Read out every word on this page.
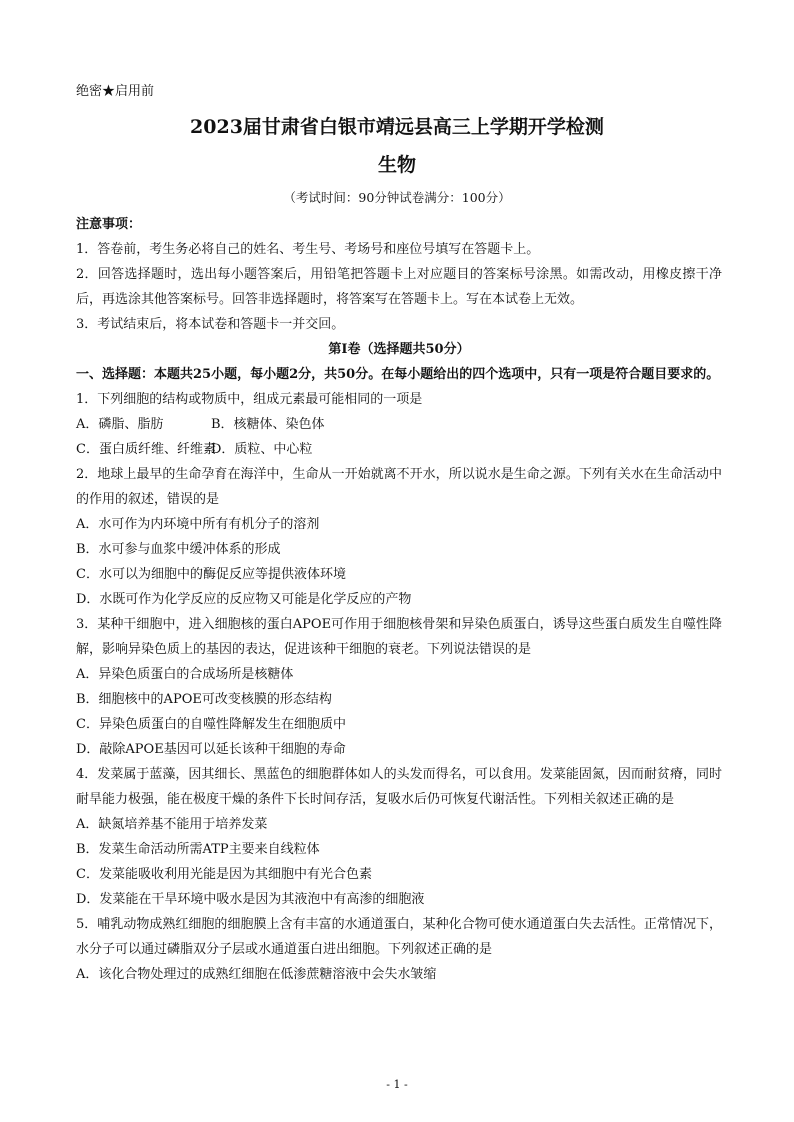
绝密★启用前
2023届甘肃省白银市靖远县高三上学期开学检测
生物
（考试时间：90分钟试卷满分：100分）
注意事项：
1．答卷前，考生务必将自己的姓名、考生号、考场号和座位号填写在答题卡上。
2．回答选择题时，选出每小题答案后，用铅笔把答题卡上对应题目的答案标号涂黑。如需改动，用橡皮擦干净后，再选涂其他答案标号。回答非选择题时，将答案写在答题卡上。写在本试卷上无效。
3．考试结束后，将本试卷和答题卡一并交回。
第Ⅰ卷（选择题共50分）
一、选择题：本题共25小题，每小题2分，共50分。在每小题给出的四个选项中，只有一项是符合题目要求的。
1．下列细胞的结构或物质中，组成元素最可能相同的一项是
A．磷脂、脂肪	B．核糖体、染色体
C．蛋白质纤维、纤维素D．质粒、中心粒
2．地球上最早的生命孕育在海洋中，生命从一开始就离不开水，所以说水是生命之源。下列有关水在生命活动中的作用的叙述，错误的是
A．水可作为内环境中所有有机分子的溶剂
B．水可参与血浆中缓冲体系的形成
C．水可以为细胞中的酶促反应等提供液体环境
D．水既可作为化学反应的反应物又可能是化学反应的产物
3．某种干细胞中，进入细胞核的蛋白APOE可作用于细胞核骨架和异染色质蛋白，诱导这些蛋白质发生自噬性降解，影响异染色质上的基因的表达，促进该种干细胞的衰老。下列说法错误的是
A．异染色质蛋白的合成场所是核糖体
B．细胞核中的APOE可改变核膜的形态结构
C．异染色质蛋白的自噬性降解发生在细胞质中
D．敲除APOE基因可以延长该种干细胞的寿命
4．发菜属于蓝藻，因其细长、黑蓝色的细胞群体如人的头发而得名，可以食用。发菜能固氮，因而耐贫瘠，同时耐旱能力极强，能在极度干燥的条件下长时间存活，复吸水后仍可恢复代谢活性。下列相关叙述正确的是
A．缺氮培养基不能用于培养发菜
B．发菜生命活动所需ATP主要来自线粒体
C．发菜能吸收利用光能是因为其细胞中有光合色素
D．发菜能在干旱环境中吸水是因为其液泡中有高渗的细胞液
5．哺乳动物成熟红细胞的细胞膜上含有丰富的水通道蛋白，某种化合物可使水通道蛋白失去活性。正常情况下，水分子可以通过磷脂双分子层或水通道蛋白进出细胞。下列叙述正确的是
A．该化合物处理过的成熟红细胞在低渗蔗糖溶液中会失水皱缩
- 1 -
